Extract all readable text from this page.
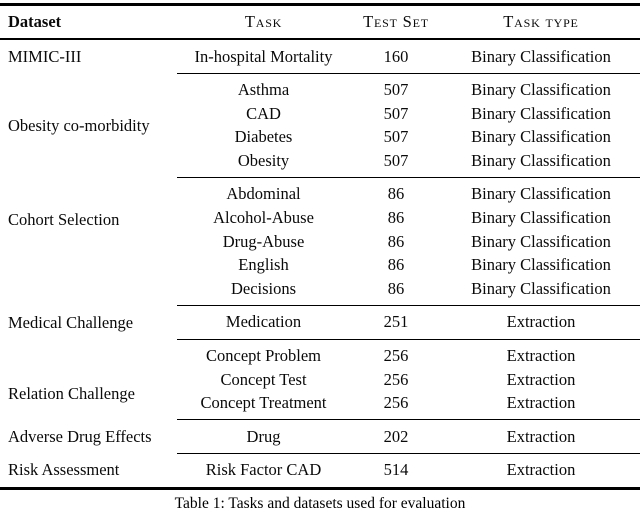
Dataset	Task	Test Set	Task type
MIMIC-III	In-hospital Mortality	160	Binary Classification
Obesity co-morbidity
Asthma	507	Binary Classification
CAD	507	Binary Classification
Diabetes	507	Binary Classification
Obesity	507	Binary Classification
Cohort Selection
Abdominal	86	Binary Classification
Alcohol-Abuse	86	Binary Classification
Drug-Abuse	86	Binary Classification
English	86	Binary Classification
Decisions	86	Binary Classification
Medical Challenge	Medication	251	Extraction
Relation Challenge
Concept Problem	256	Extraction
Concept Test	256	Extraction
Concept Treatment	256	Extraction
Adverse Drug Effects	Drug	202	Extraction
Risk Assessment	Risk Factor CAD	514	Extraction
Table 1: Tasks and datasets used for evaluation
